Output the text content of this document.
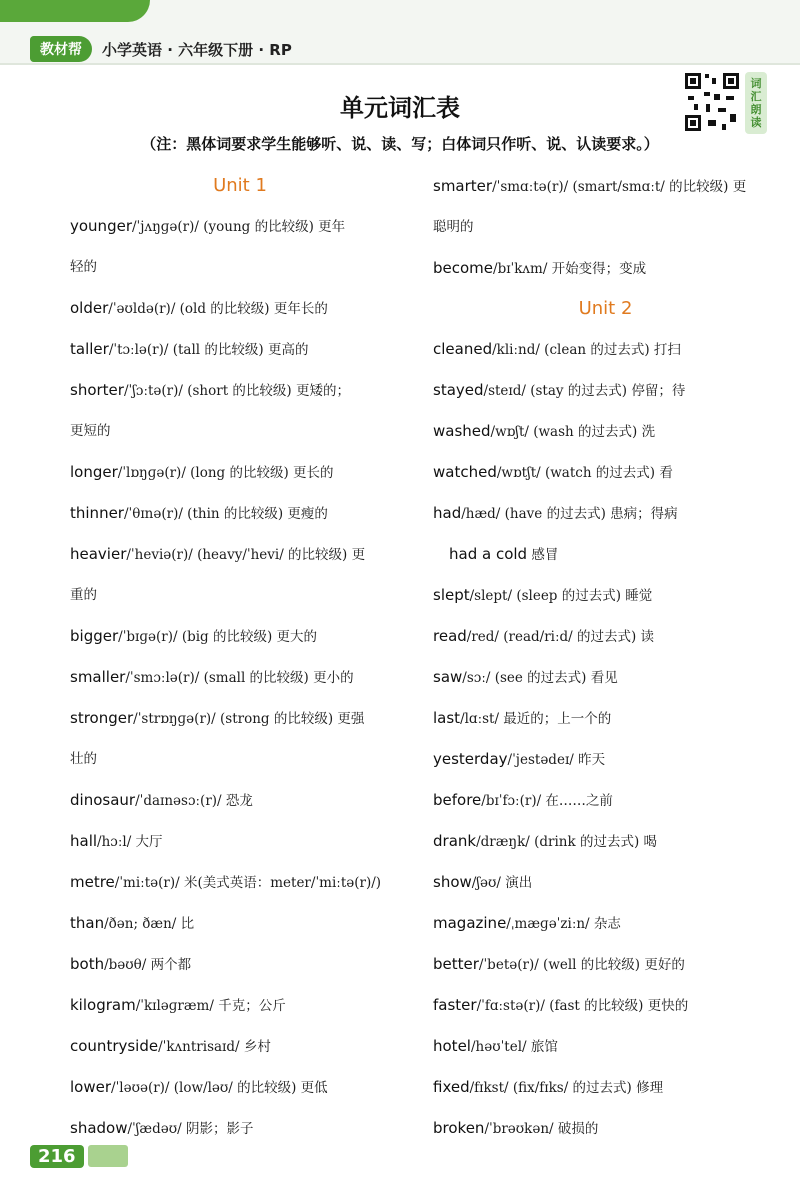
教材帮	小学英语 · 六年级下册 · RP
词
汇
朗
读
单元词汇表
（注：黑体词要求学生能够听、说、读、写；白体词只作听、说、认读要求。）
Unit 1
younger/ˈjʌŋɡə(r)/ (young 的比较级) 更年
轻的
older/ˈəʊldə(r)/ (old 的比较级) 更年长的
taller/ˈtɔːlə(r)/ (tall 的比较级) 更高的
shorter/ˈʃɔːtə(r)/ (short 的比较级) 更矮的；
更短的
longer/ˈlɒŋɡə(r)/ (long 的比较级) 更长的
thinner/ˈθɪnə(r)/ (thin 的比较级) 更瘦的
heavier/ˈheviə(r)/ (heavy/ˈhevi/ 的比较级) 更
重的
bigger/ˈbɪɡə(r)/ (big 的比较级) 更大的
smaller/ˈsmɔːlə(r)/ (small 的比较级) 更小的
stronger/ˈstrɒŋɡə(r)/ (strong 的比较级) 更强
壮的
dinosaur/ˈdaɪnəsɔː(r)/ 恐龙
hall/hɔːl/ 大厅
metre/ˈmiːtə(r)/ 米(美式英语：meter/ˈmiːtə(r)/)
than/ðən; ðæn/ 比
both/bəʊθ/ 两个都
kilogram/ˈkɪləɡræm/ 千克；公斤
countryside/ˈkʌntrisaɪd/ 乡村
lower/ˈləʊə(r)/ (low/ləʊ/ 的比较级) 更低
shadow/ˈʃædəʊ/ 阴影；影子
smarter/ˈsmɑːtə(r)/ (smart/smɑːt/ 的比较级) 更
聪明的
become/bɪˈkʌm/ 开始变得；变成
Unit 2
cleaned/kliːnd/ (clean 的过去式) 打扫
stayed/steɪd/ (stay 的过去式) 停留；待
washed/wɒʃt/ (wash 的过去式) 洗
watched/wɒtʃt/ (watch 的过去式) 看
had/hæd/ (have 的过去式) 患病；得病
had a cold 感冒
slept/slept/ (sleep 的过去式) 睡觉
read/red/ (read/riːd/ 的过去式) 读
saw/sɔː/ (see 的过去式) 看见
last/lɑːst/ 最近的；上一个的
yesterday/ˈjestədeɪ/ 昨天
before/bɪˈfɔː(r)/ 在……之前
drank/dræŋk/ (drink 的过去式) 喝
show/ʃəʊ/ 演出
magazine/ˌmæɡəˈziːn/ 杂志
better/ˈbetə(r)/ (well 的比较级) 更好的
faster/ˈfɑːstə(r)/ (fast 的比较级) 更快的
hotel/həʊˈtel/ 旅馆
fixed/fɪkst/ (fix/fɪks/ 的过去式) 修理
broken/ˈbrəʊkən/ 破损的
216
